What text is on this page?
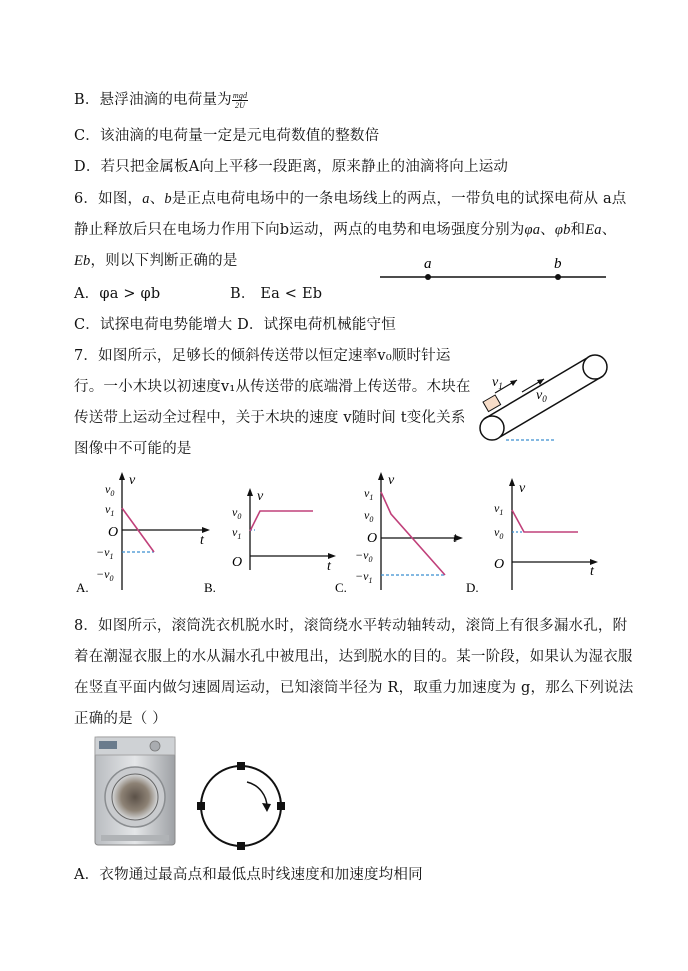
B．悬浮油滴的电荷量为 $\frac{\text{mgd}}{2U}$
C．该油滴的电荷量一定是元电荷数值的整数倍
D．若只把金属板A向上平移一段距离，原来静止的油滴将向上运动
6．如图，a、b是正点电荷电场中的一条电场线上的两点，一带负电的试探电荷从 a点
静止释放后只在电场力作用下向b运动，两点的电势和电场强度分别为φa、φb和Ea、
Eb，则以下判断正确的是
A．φa > φb	B． Ea < Eb
C．试探电荷电势能增大 D．试探电荷机械能守恒
a	b
7．如图所示，足够长的倾斜传送带以恒定速率v₀顺时针运
行。一小木块以初速度v₁从传送带的底端滑上传送带。木块在
传送带上运动全过程中，关于木块的速度 v随时间 t变化关系
图像中不可能的是
$v_1$
$v_0$
v
t
$v_0$
$v_1$
O
$-v_1$
$-v_0$
A.
v
t
$v_0$
$v_1$
O
B.
v
t
$v_1$
$v_0$
O
$-v_0$
$-v_1$
C.
v
t
$v_1$
$v_0$
O
D.
8．如图所示，滚筒洗衣机脱水时，滚筒绕水平转动轴转动，滚筒上有很多漏水孔，附
着在潮湿衣服上的水从漏水孔中被甩出，达到脱水的目的。某一阶段，如果认为湿衣服
在竖直平面内做匀速圆周运动，已知滚筒半径为 R，取重力加速度为 g，那么下列说法
正确的是（ ）
A．衣物通过最高点和最低点时线速度和加速度均相同
